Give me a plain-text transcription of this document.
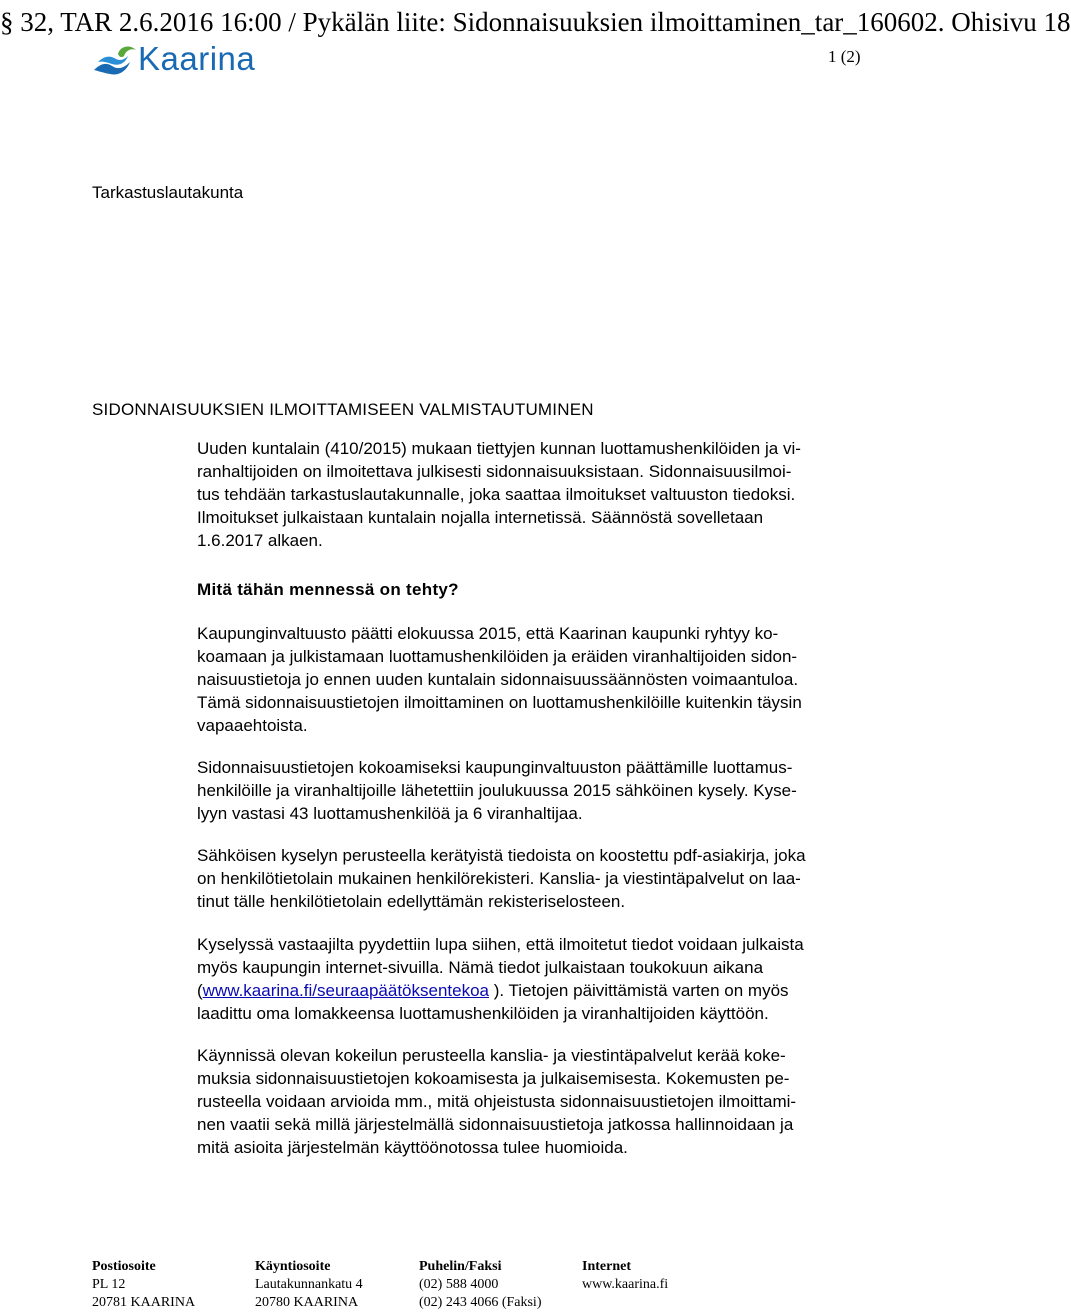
§ 32, TAR 2.6.2016 16:00 / Pykälän liite: Sidonnaisuuksien ilmoittaminen_tar_160602. Ohisivu 18
Kaarina	1 (2)
Tarkastuslautakunta
SIDONNAISUUKSIEN ILMOITTAMISEEN VALMISTAUTUMINEN
Uuden kuntalain (410/2015) mukaan tiettyjen kunnan luottamushenkilöiden ja vi-
ranhaltijoiden on ilmoitettava julkisesti sidonnaisuuksistaan. Sidonnaisuusilmoi-
tus tehdään tarkastuslautakunnalle, joka saattaa ilmoitukset valtuuston tiedoksi.
Ilmoitukset julkaistaan kuntalain nojalla internetissä. Säännöstä sovelletaan
1.6.2017 alkaen.
Mitä tähän mennessä on tehty?
Kaupunginvaltuusto päätti elokuussa 2015, että Kaarinan kaupunki ryhtyy ko-
koamaan ja julkistamaan luottamushenkilöiden ja eräiden viranhaltijoiden sidon-
naisuustietoja jo ennen uuden kuntalain sidonnaisuussäännösten voimaantuloa.
Tämä sidonnaisuustietojen ilmoittaminen on luottamushenkilöille kuitenkin täysin
vapaaehtoista.
Sidonnaisuustietojen kokoamiseksi kaupunginvaltuuston päättämille luottamus-
henkilöille ja viranhaltijoille lähetettiin joulukuussa 2015 sähköinen kysely. Kyse-
lyyn vastasi 43 luottamushenkilöä ja 6 viranhaltijaa.
Sähköisen kyselyn perusteella kerätyistä tiedoista on koostettu pdf-asiakirja, joka
on henkilötietolain mukainen henkilörekisteri. Kanslia- ja viestintäpalvelut on laa-
tinut tälle henkilötietolain edellyttämän rekisteriselosteen.
Kyselyssä vastaajilta pyydettiin lupa siihen, että ilmoitetut tiedot voidaan julkaista
myös kaupungin internet-sivuilla. Nämä tiedot julkaistaan toukokuun aikana
(www.kaarina.fi/seuraapäätöksentekoa ). Tietojen päivittämistä varten on myös
laadittu oma lomakkeensa luottamushenkilöiden ja viranhaltijoiden käyttöön.
Käynnissä olevan kokeilun perusteella kanslia- ja viestintäpalvelut kerää koke-
muksia sidonnaisuustietojen kokoamisesta ja julkaisemisesta. Kokemusten pe-
rusteella voidaan arvioida mm., mitä ohjeistusta sidonnaisuustietojen ilmoittami-
nen vaatii sekä millä järjestelmällä sidonnaisuustietoja jatkossa hallinnoidaan ja
mitä asioita järjestelmän käyttöönotossa tulee huomioida.
Postiosoite
PL 12
20781 KAARINA
Käyntiosoite
Lautakunnankatu 4
20780 KAARINA
Puhelin/Faksi
(02) 588 4000
(02) 243 4066 (Faksi)
Internet
www.kaarina.fi
